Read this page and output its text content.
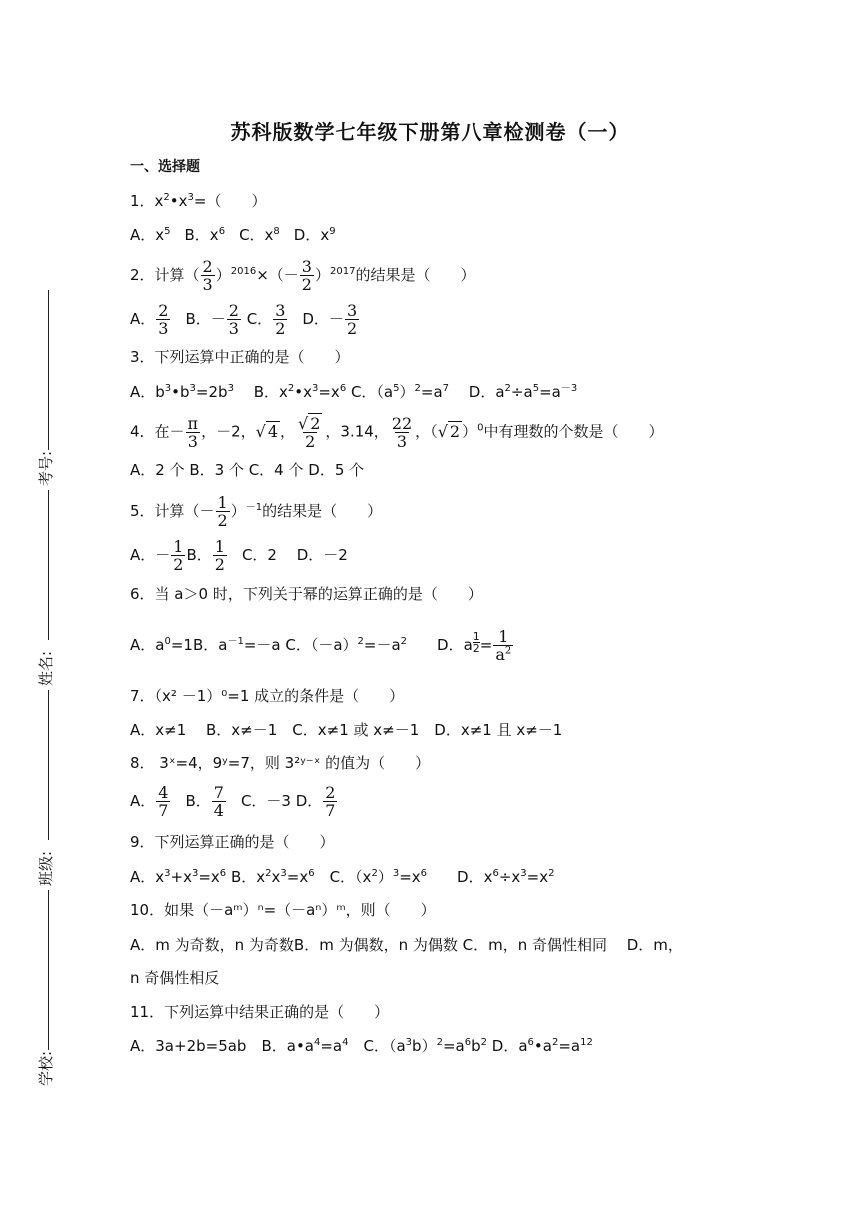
苏科版数学七年级下册第八章检测卷（一）
考号:
姓名:
班级:
学校:
一、选择题
1．$x^2•x^3=$（　　）
A．$x^5$ B．$x^6$ C．$x^8$ D．$x^9$
2．计算（ $\frac{2}{3} )^{2016}\times(- \frac{3}{2} )^{2017}$的结果是（　　）
A． $\frac{2}{3}$ B．－ $\frac{2}{3}$ C． $\frac{3}{2}$ D．－ $\frac{3}{2}$
3．下列运算中正确的是（　　）
A．$b^3•b^3=2b^3$　 B．$x^2•x^3=x^6$ C．$(a^5)^2=a^7$　 D．$a^2\div a^5=a^{-3}$
4．在－ $\frac{\pi}{3}$ ，－2，√ 4 ， $\frac{√ 2}{2}$ ，3.14， $\frac{22}{3}$ ，（√ 2 ）$^0$中有理数的个数是（　　）
A．2 个 B．3 个 C．4 个 D．5 个
5．计算（－ $\frac{1}{2} )^{-1}$的结果是（　　）
A．－ $\frac{1}{2}$ B． $\frac{1}{2}$ C．2　 D．－2
6．当 a＞0 时，下列关于幂的运算正确的是（　　）
A．$a^0=1B$．$a^{-1}=-a$ C．$(-a)^2=-a^2$　　D．a $\frac{1}{2} = \frac{1}{a^2}$
7．（x² －1）⁰=1 成立的条件是（　　）
A．x≠1　 B．x≠－1　C．x≠1 或 x≠－1　D．x≠1 且 x≠－1
8． 3ˣ=4，9ʸ=7，则 3²ʸ⁻ˣ 的值为（　　）
A． $\frac{4}{7}$ B． $\frac{7}{4}$ C．－3 D． $\frac{2}{7}$
9．下列运算正确的是（　　）
A．$x^3+x^3=x^6$ B．$x^2x^3=x^6$　C．$(x^2)^3=x^6$　　D．$x^6\div x^3=x^2$
10．如果（－aᵐ）ⁿ=（－aⁿ）ᵐ，则（　　）
A．m 为奇数，n 为奇数B．m 为偶数，n 为偶数 C．m，n 奇偶性相同　 D．m，
n 奇偶性相反
11．下列运算中结果正确的是（　　）
A．3a+2b=5ab　B．$a•a^4=a^4$　C．$(a^3b)^2=a^6b^2$ D．$a^6•a^2=a^{12}$
